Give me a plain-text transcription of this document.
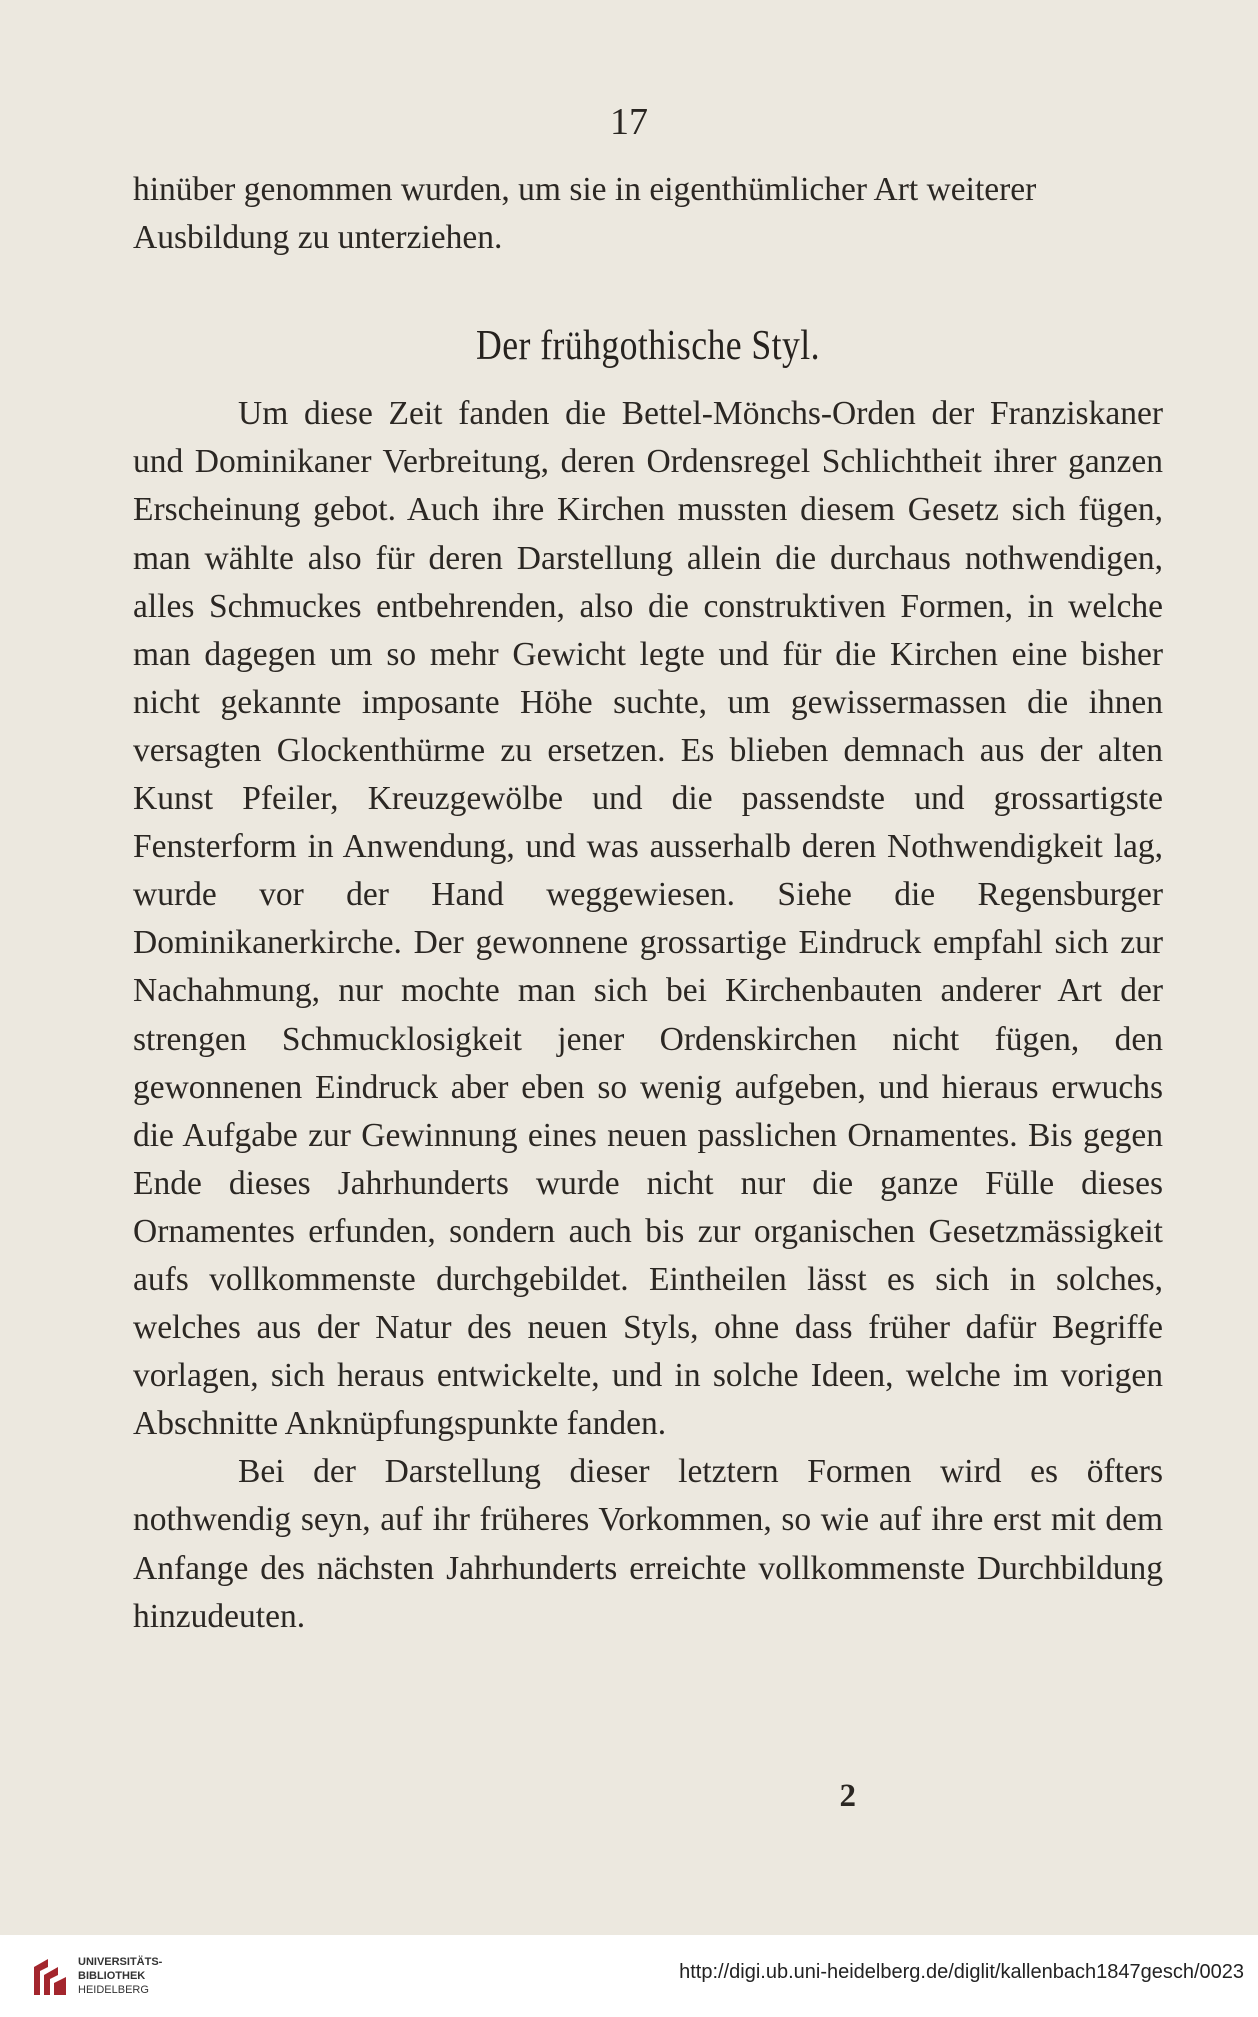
17

hinüber genommen wurden, um sie in eigenthümlicher Art weiterer Ausbildung zu unterziehen.

Der frühgothische Styl.

Um diese Zeit fanden die Bettel-Mönchs-Orden der Franziskaner und Dominikaner Verbreitung, deren Ordensregel Schlichtheit ihrer ganzen Erscheinung gebot. Auch ihre Kirchen mussten diesem Gesetz sich fügen, man wählte also für deren Darstellung allein die durchaus nothwendigen, alles Schmuckes entbehrenden, also die construktiven Formen, in welche man dagegen um so mehr Gewicht legte und für die Kirchen eine bisher nicht gekannte imposante Höhe suchte, um gewissermassen die ihnen versagten Glockenthürme zu ersetzen. Es blieben demnach aus der alten Kunst Pfeiler, Kreuzgewölbe und die passendste und grossartigste Fensterform in Anwendung, und was ausserhalb deren Nothwendigkeit lag, wurde vor der Hand weggewiesen. Siehe die Regensburger Dominikanerkirche. Der gewonnene grossartige Eindruck empfahl sich zur Nachahmung, nur mochte man sich bei Kirchenbauten anderer Art der strengen Schmucklosigkeit jener Ordenskirchen nicht fügen, den gewonnenen Eindruck aber eben so wenig aufgeben, und hieraus erwuchs die Aufgabe zur Gewinnung eines neuen passlichen Ornamentes. Bis gegen Ende dieses Jahrhunderts wurde nicht nur die ganze Fülle dieses Ornamentes erfunden, sondern auch bis zur organischen Gesetzmässigkeit aufs vollkommenste durchgebildet. Eintheilen lässt es sich in solches, welches aus der Natur des neuen Styls, ohne dass früher dafür Begriffe vorlagen, sich heraus entwickelte, und in solche Ideen, welche im vorigen Abschnitte Anknüpfungspunkte fanden.

Bei der Darstellung dieser letztern Formen wird es öfters nothwendig seyn, auf ihr früheres Vorkommen, so wie auf ihre erst mit dem Anfange des nächsten Jahrhunderts erreichte vollkommenste Durchbildung hinzudeuten.

2
UNIVERSITÄTS-
BIBLIOTHEK
HEIDELBERG
http://digi.ub.uni-heidelberg.de/diglit/kallenbach1847gesch/0023
